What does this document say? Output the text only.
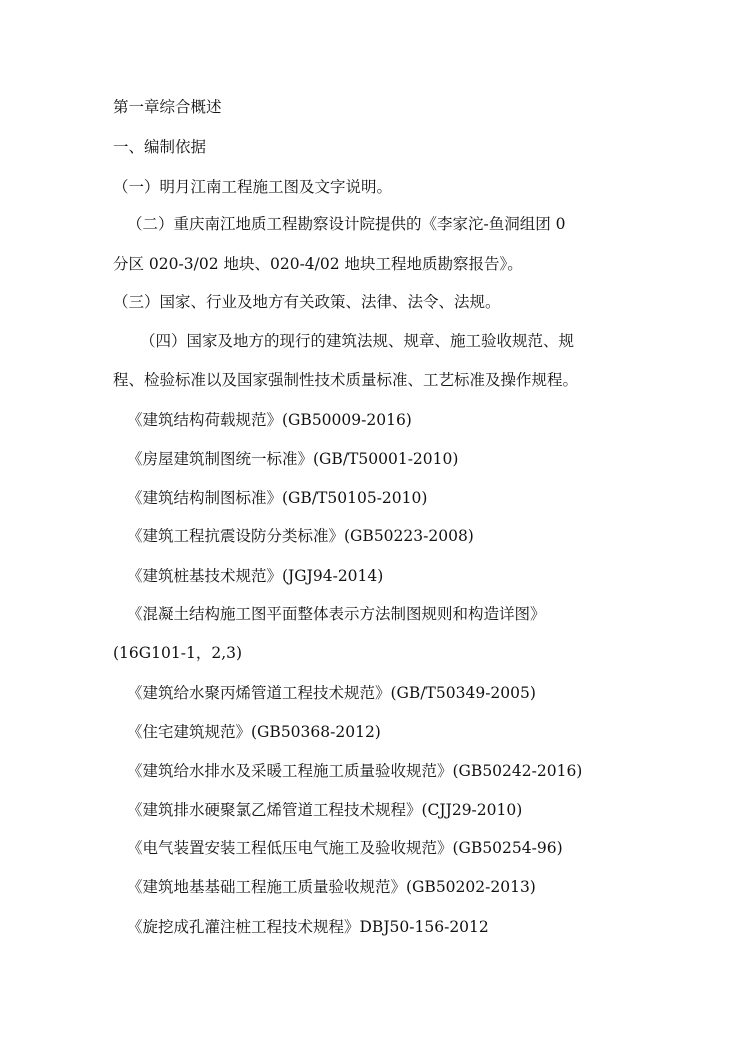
第一章综合概述
一、编制依据
（一）明月江南工程施工图及文字说明。
（二）重庆南江地质工程勘察设计院提供的《李家沱-鱼洞组团 0
分区 020-3/02 地块、020-4/02 地块工程地质勘察报告》。
（三）国家、行业及地方有关政策、法律、法令、法规。
（四）国家及地方的现行的建筑法规、规章、施工验收规范、规
程、检验标准以及国家强制性技术质量标准、工艺标准及操作规程。
《建筑结构荷载规范》(GB50009-2016)
《房屋建筑制图统一标准》(GB/T50001-2010)
《建筑结构制图标准》(GB/T50105-2010)
《建筑工程抗震设防分类标准》(GB50223-2008)
《建筑桩基技术规范》(JGJ94-2014)
《混凝土结构施工图平面整体表示方法制图规则和构造详图》
(16G101-1，2,3)
《建筑给水聚丙烯管道工程技术规范》(GB/T50349-2005)
《住宅建筑规范》(GB50368-2012)
《建筑给水排水及采暖工程施工质量验收规范》(GB50242-2016)
《建筑排水硬聚氯乙烯管道工程技术规程》(CJJ29-2010)
《电气装置安装工程低压电气施工及验收规范》(GB50254-96)
《建筑地基基础工程施工质量验收规范》(GB50202-2013)
《旋挖成孔灌注桩工程技术规程》DBJ50-156-2012
